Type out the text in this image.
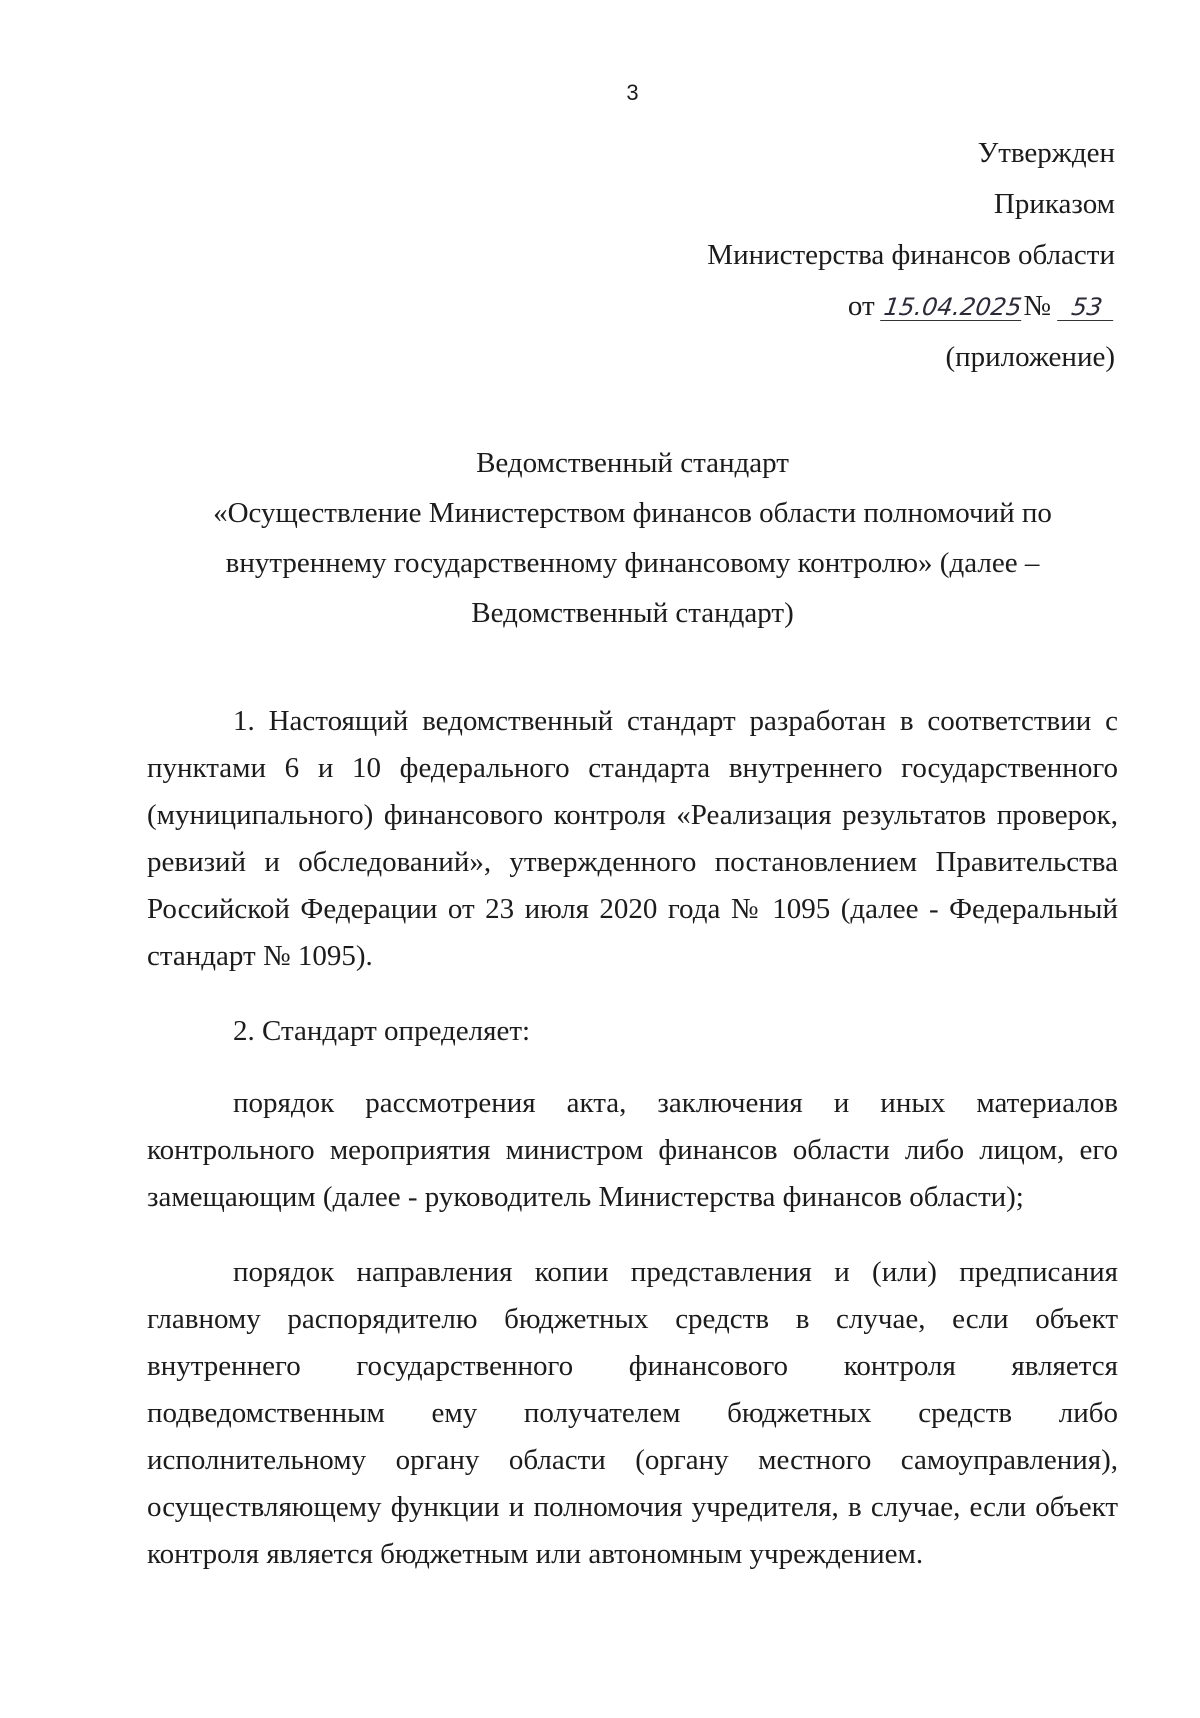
3
Утвержден
Приказом
Министерства финансов области
от 15.04.2025№ 53
(приложение)
Ведомственный стандарт
«Осуществление Министерством финансов области полномочий по
внутреннему государственному финансовому контролю» (далее –
Ведомственный стандарт)

1. Настоящий ведомственный стандарт разработан в соответствии с пунктами 6 и 10 федерального стандарта внутреннего государственного (муниципального) финансового контроля «Реализация результатов проверок, ревизий и обследований», утвержденного постановлением Правительства Российской Федерации от 23 июля 2020 года № 1095 (далее - Федеральный стандарт № 1095).

2. Стандарт определяет:

порядок рассмотрения акта, заключения и иных материалов контрольного мероприятия министром финансов области либо лицом, его замещающим (далее - руководитель Министерства финансов области);

порядок направления копии представления и (или) предписания главному распорядителю бюджетных средств в случае, если объект внутреннего государственного финансового контроля является подведомственным ему получателем бюджетных средств либо исполнительному органу области (органу местного самоуправления), осуществляющему функции и полномочия учредителя, в случае, если объект контроля является бюджетным или автономным учреждением.
